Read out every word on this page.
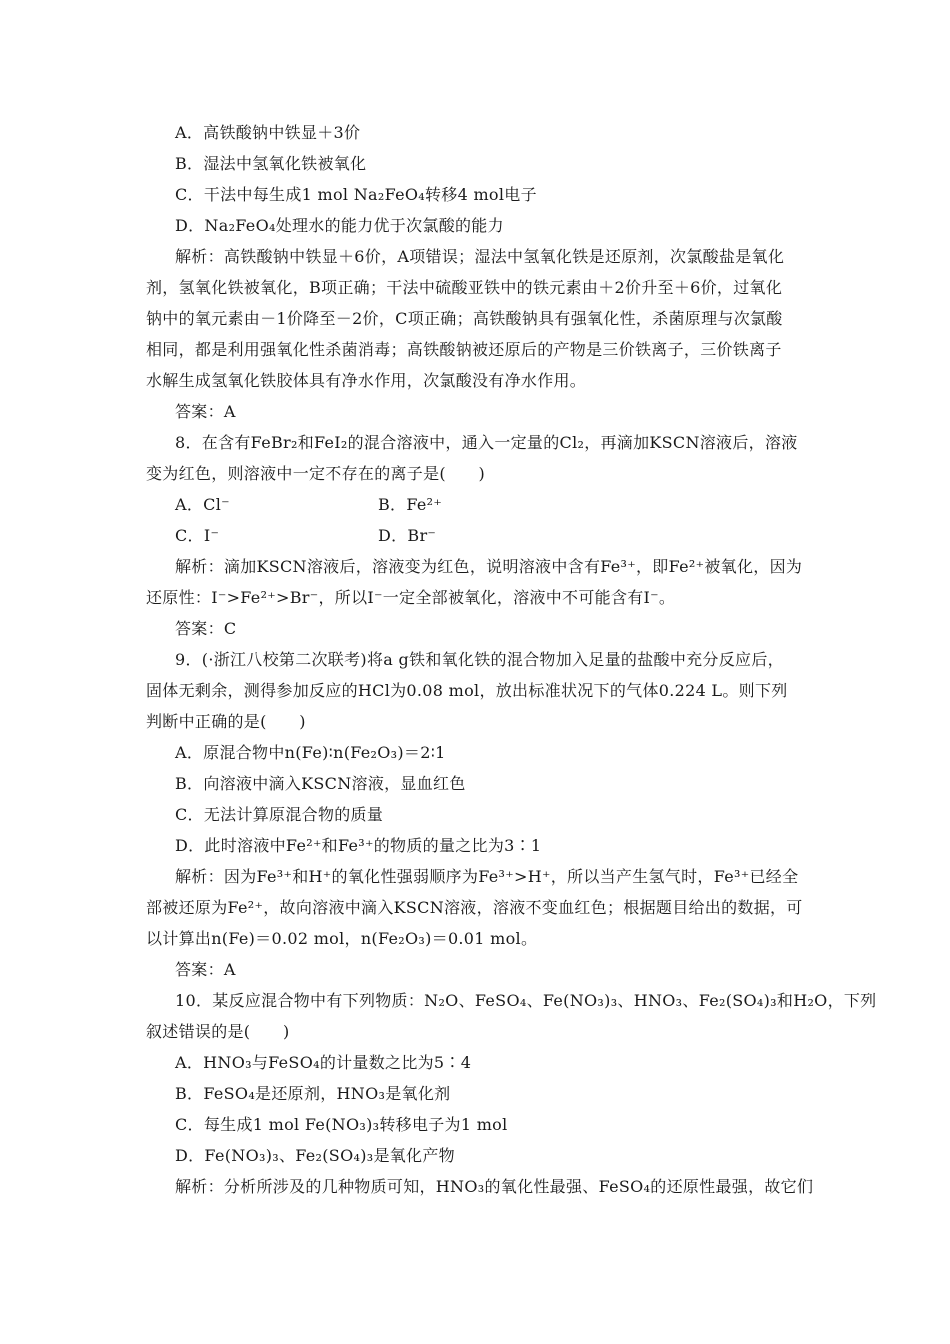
A．高铁酸钠中铁显＋3价
B．湿法中氢氧化铁被氧化
C．干法中每生成1 mol Na₂FeO₄转移4 mol电子
D．Na₂FeO₄处理水的能力优于次氯酸的能力
解析：高铁酸钠中铁显＋6价，A项错误；湿法中氢氧化铁是还原剂，次氯酸盐是氧化
剂，氢氧化铁被氧化，B项正确；干法中硫酸亚铁中的铁元素由＋2价升至＋6价，过氧化
钠中的氧元素由－1价降至－2价，C项正确；高铁酸钠具有强氧化性，杀菌原理与次氯酸
相同，都是利用强氧化性杀菌消毒；高铁酸钠被还原后的产物是三价铁离子，三价铁离子
水解生成氢氧化铁胶体具有净水作用，次氯酸没有净水作用。
答案：A
8．在含有FeBr₂和FeI₂的混合溶液中，通入一定量的Cl₂，再滴加KSCN溶液后，溶液
变为红色，则溶液中一定不存在的离子是(　　)
A．Cl⁻	B．Fe²⁺
C．I⁻	D．Br⁻
解析：滴加KSCN溶液后，溶液变为红色，说明溶液中含有Fe³⁺，即Fe²⁺被氧化，因为
还原性：I⁻>Fe²⁺>Br⁻，所以I⁻一定全部被氧化，溶液中不可能含有I⁻。
答案：C
9．(·浙江八校第二次联考)将a g铁和氧化铁的混合物加入足量的盐酸中充分反应后，
固体无剩余，测得参加反应的HCl为0.08 mol，放出标准状况下的气体0.224 L。则下列
判断中正确的是(　　)
A．原混合物中n(Fe)∶n(Fe₂O₃)＝2∶1
B．向溶液中滴入KSCN溶液，显血红色
C．无法计算原混合物的质量
D．此时溶液中Fe²⁺和Fe³⁺的物质的量之比为3∶1
解析：因为Fe³⁺和H⁺的氧化性强弱顺序为Fe³⁺>H⁺，所以当产生氢气时，Fe³⁺已经全
部被还原为Fe²⁺，故向溶液中滴入KSCN溶液，溶液不变血红色；根据题目给出的数据，可
以计算出n(Fe)＝0.02 mol，n(Fe₂O₃)＝0.01 mol。
答案：A
10．某反应混合物中有下列物质：N₂O、FeSO₄、Fe(NO₃)₃、HNO₃、Fe₂(SO₄)₃和H₂O，下列
叙述错误的是(　　)
A．HNO₃与FeSO₄的计量数之比为5∶4
B．FeSO₄是还原剂，HNO₃是氧化剂
C．每生成1 mol Fe(NO₃)₃转移电子为1 mol
D．Fe(NO₃)₃、Fe₂(SO₄)₃是氧化产物
解析：分析所涉及的几种物质可知，HNO₃的氧化性最强、FeSO₄的还原性最强，故它们
